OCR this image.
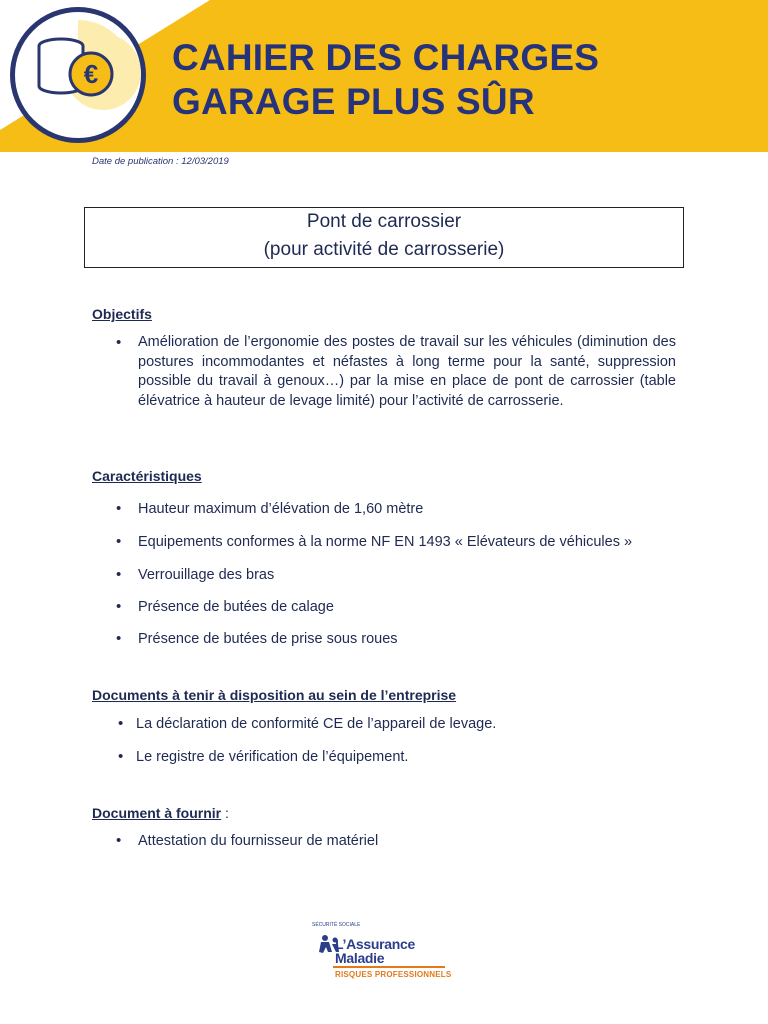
€ CAHIER DES CHARGES
GARAGE PLUS SÛR
Date de publication : 12/03/2019
Pont de carrossier
(pour activité de carrosserie)
Objectifs
• Amélioration de l’ergonomie des postes de travail sur les véhicules (diminution des postures incommodantes et néfastes à long terme pour la santé, suppression possible du travail à genoux…) par la mise en place de pont de carrossier (table élévatrice à hauteur de levage limité) pour l’activité de carrosserie.
Caractéristiques
• Hauteur maximum d’élévation de 1,60 mètre
• Equipements conformes à la norme NF EN 1493 « Elévateurs de véhicules »
• Verrouillage des bras
• Présence de butées de calage
• Présence de butées de prise sous roues
Documents à tenir à disposition au sein de l’entreprise
• La déclaration de conformité CE de l’appareil de levage.
• Le registre de vérification de l’équipement.
Document à fournir :
• Attestation du fournisseur de matériel
SÉCURITÉ SOCIALE
L’Assurance
Maladie
RISQUES PROFESSIONNELS
